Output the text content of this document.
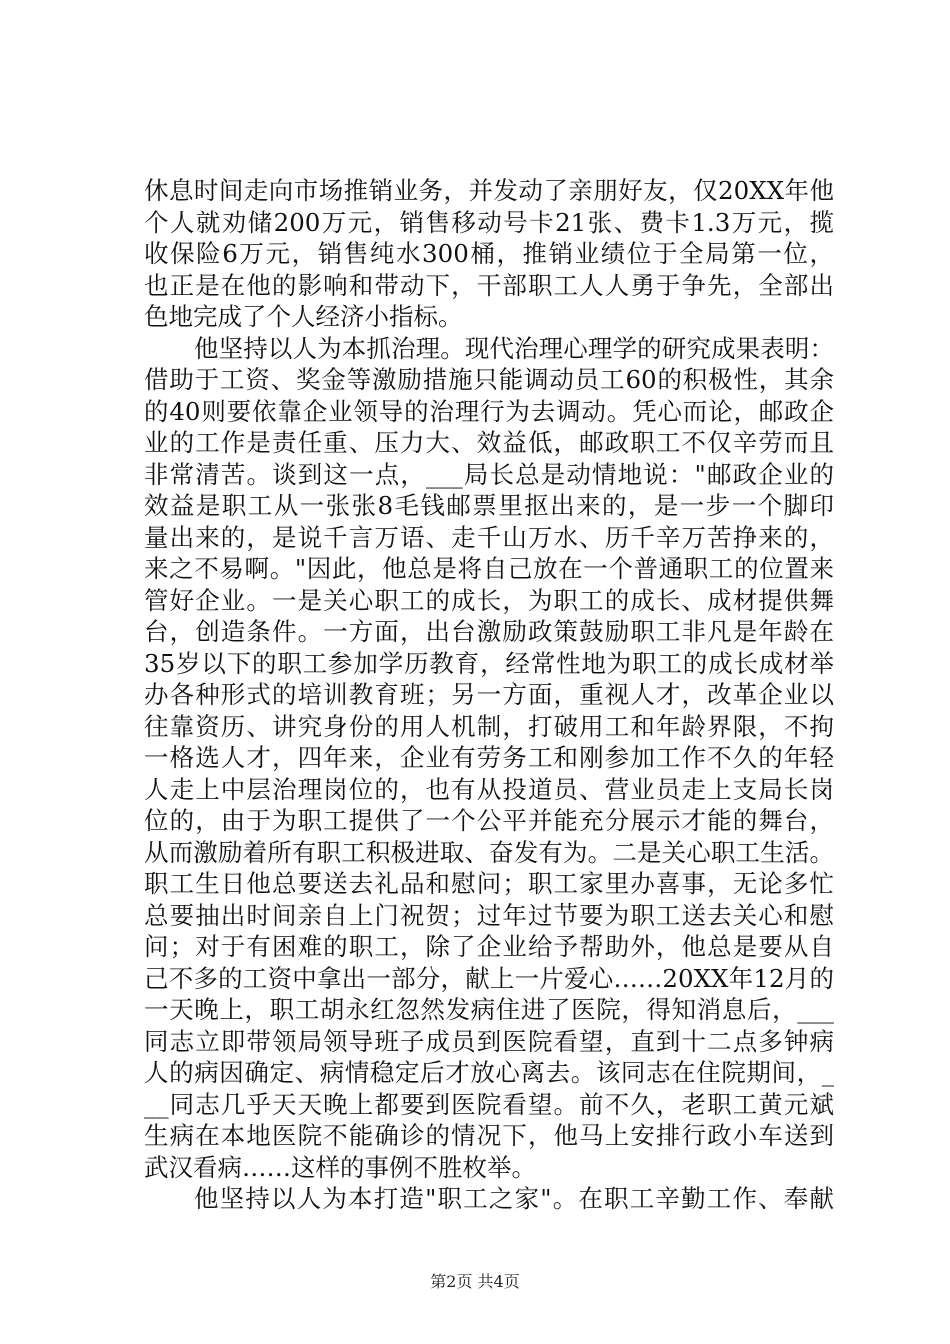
休息时间走向市场推销业务，并发动了亲朋好友，仅20XX年他
个人就劝储200万元，销售移动号卡21张、费卡1.3万元，揽
收保险6万元，销售纯水300桶，推销业绩位于全局第一位，
也正是在他的影响和带动下，干部职工人人勇于争先，全部出
色地完成了个人经济小指标。
他坚持以人为本抓治理。现代治理心理学的研究成果表明：
借助于工资、奖金等激励措施只能调动员工60的积极性，其余
的40则要依靠企业领导的治理行为去调动。凭心而论，邮政企
业的工作是责任重、压力大、效益低，邮政职工不仅辛劳而且
非常清苦。谈到这一点，___局长总是动情地说："邮政企业的
效益是职工从一张张8毛钱邮票里抠出来的，是一步一个脚印
量出来的，是说千言万语、走千山万水、历千辛万苦挣来的，
来之不易啊。"因此，他总是将自己放在一个普通职工的位置来
管好企业。一是关心职工的成长，为职工的成长、成材提供舞
台，创造条件。一方面，出台激励政策鼓励职工非凡是年龄在
35岁以下的职工参加学历教育，经常性地为职工的成长成材举
办各种形式的培训教育班；另一方面，重视人才，改革企业以
往靠资历、讲究身份的用人机制，打破用工和年龄界限，不拘
一格选人才，四年来，企业有劳务工和刚参加工作不久的年轻
人走上中层治理岗位的，也有从投道员、营业员走上支局长岗
位的，由于为职工提供了一个公平并能充分展示才能的舞台，
从而激励着所有职工积极进取、奋发有为。二是关心职工生活。
职工生日他总要送去礼品和慰问；职工家里办喜事，无论多忙
总要抽出时间亲自上门祝贺；过年过节要为职工送去关心和慰
问；对于有困难的职工，除了企业给予帮助外，他总是要从自
己不多的工资中拿出一部分，献上一片爱心……20XX年12月的
一天晚上，职工胡永红忽然发病住进了医院，得知消息后，___
同志立即带领局领导班子成员到医院看望，直到十二点多钟病
人的病因确定、病情稳定后才放心离去。该同志在住院期间，_
__同志几乎天天晚上都要到医院看望。前不久，老职工黄元斌
生病在本地医院不能确诊的情况下，他马上安排行政小车送到
武汉看病……这样的事例不胜枚举。
他坚持以人为本打造"职工之家"。在职工辛勤工作、奉献
第2页 共4页
